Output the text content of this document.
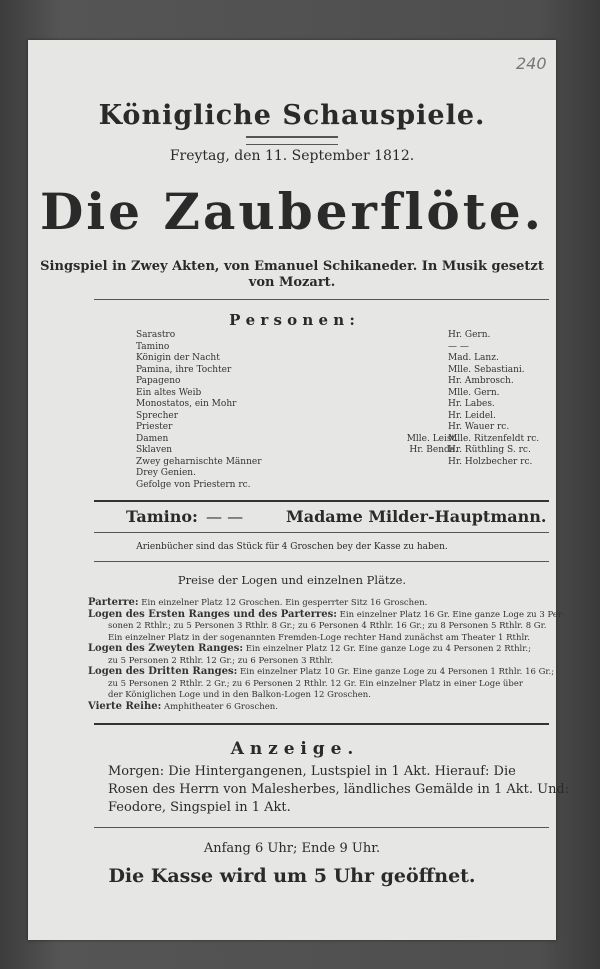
240
Königliche Schauspiele.
Freytag, den 11. September 1812.
Die Zauberflöte.
Singspiel in Zwey Akten, von Emanuel Schikaneder. In Musik gesetzt
von Mozart.
P e r s o n e n :
Sarastro	Hr. Gern.
Tamino	— —
Königin der Nacht	Mad. Lanz.
Pamina, ihre Tochter	Mlle. Sebastiani.
Papageno	Hr. Ambrosch.
Ein altes Weib	Mlle. Gern.
Monostatos, ein Mohr	Hr. Labes.
Sprecher	Hr. Leidel.
Priester	Hr. Wauer rc.
Damen	Mlle. Leist.
Mlle. Ritzenfeldt rc.
Sklaven	Hr. Benda.
Hr. Rüthling S. rc.
Zwey geharnischte Männer	Hr. Holzbecher rc.
Drey Genien.
Gefolge von Priestern rc.
Tamino: — —	Madame Milder-Hauptmann.
Arienbücher sind das Stück für 4 Groschen bey der Kasse zu haben.
Preise der Logen und einzelnen Plätze.
Parterre: Ein einzelner Platz 12 Groschen. Ein gesperrter Sitz 16 Groschen.
Logen des Ersten Ranges und des Parterres: Ein einzelner Platz 16 Gr. Eine ganze Loge zu 3 Per-
sonen 2 Rthlr.; zu 5 Personen 3 Rthlr. 8 Gr.; zu 6 Personen 4 Rthlr. 16 Gr.; zu 8 Personen 5 Rthlr. 8 Gr.
Ein einzelner Platz in der sogenannten Fremden-Loge rechter Hand zunächst am Theater 1 Rthlr.
Logen des Zweyten Ranges: Ein einzelner Platz 12 Gr. Eine ganze Loge zu 4 Personen 2 Rthlr.;
zu 5 Personen 2 Rthlr. 12 Gr.; zu 6 Personen 3 Rthlr.
Logen des Dritten Ranges: Ein einzelner Platz 10 Gr. Eine ganze Loge zu 4 Personen 1 Rthlr. 16 Gr.;
zu 5 Personen 2 Rthlr. 2 Gr.; zu 6 Personen 2 Rthlr. 12 Gr. Ein einzelner Platz in einer Loge über
der Königlichen Loge und in den Balkon-Logen 12 Groschen.
Vierte Reihe: Amphitheater 6 Groschen.
A n z e i g e .
Morgen: Die Hintergangenen, Lustspiel in 1 Akt. Hierauf: Die
Rosen des Herrn von Malesherbes, ländliches Gemälde in 1 Akt. Und:
Feodore, Singspiel in 1 Akt.
Anfang 6 Uhr; Ende 9 Uhr.
Die Kasse wird um 5 Uhr geöffnet.
